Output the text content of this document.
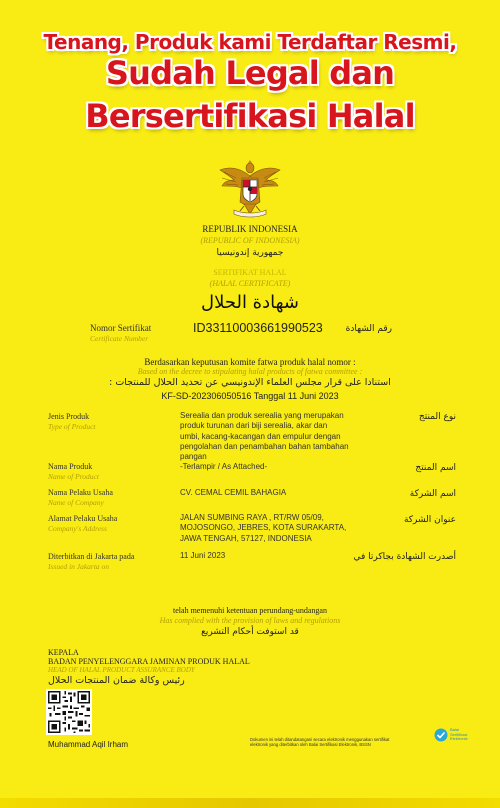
Tenang, Produk kami Terdaftar Resmi,
Sudah Legal dan
Bersertifikasi Halal
REPUBLIK INDONESIA
(REPUBLIC OF INDONESIA)
جمهورية إندونيسيا
SERTIFIKAT HALAL
(HALAL CERTIFICATE)
شهادة الحلال
Nomor Sertifikat
Certificate Number
ID33110003661990523	رقم الشهادة
Berdasarkan keputusan komite fatwa produk halal nomor :
Based on the decree to stipulating halal products of fatwa committee :
استنادا على قرار مجلس العلماء الإندونيسي عن تحديد الحلال للمنتجات :
KF-SD-202306050516 Tanggal 11 Juni 2023
Jenis Produk
Type of Product
Serealia dan produk serealia yang merupakan
produk turunan dari biji serealia, akar dan
umbi, kacang-kacangan dan empulur dengan
pengolahan dan penambahan bahan tambahan
pangan
نوع المنتج
Nama Produk
Name of Product
-Terlampir / As Attached-	اسم المنتج
Nama Pelaku Usaha
Name of Company
CV. CEMAL CEMIL BAHAGIA	اسم الشركة
Alamat Pelaku Usaha
Company's Address
JALAN SUMBING RAYA , RT/RW 05/09,
MOJOSONGO, JEBRES, KOTA SURAKARTA,
JAWA TENGAH, 57127, INDONESIA
عنوان الشركة
Diterbitkan di Jakarta pada
Issued in Jakarta on
11 Juni 2023	أصدرت الشهادة بجاكرتا في
telah memenuhi ketentuan perundang-undangan
Has complied with the provision of laws and regulations
قد استوفت أحكام التشريع
KEPALA
BADAN PENYELENGGARA JAMINAN PRODUK HALAL
HEAD OF HALAL PRODUCT ASSURANCE BODY
رئيس وكالة ضمان المنتجات الحلال
Muhammad Aqil Irham
Dokumen ini telah ditandatangani secara elektronik menggunakan sertifikat
elektronik yang diterbitkan oleh Balai Sertifikasi Elektronik, BSSN
Balai
Sertifikasi
Elektronik
